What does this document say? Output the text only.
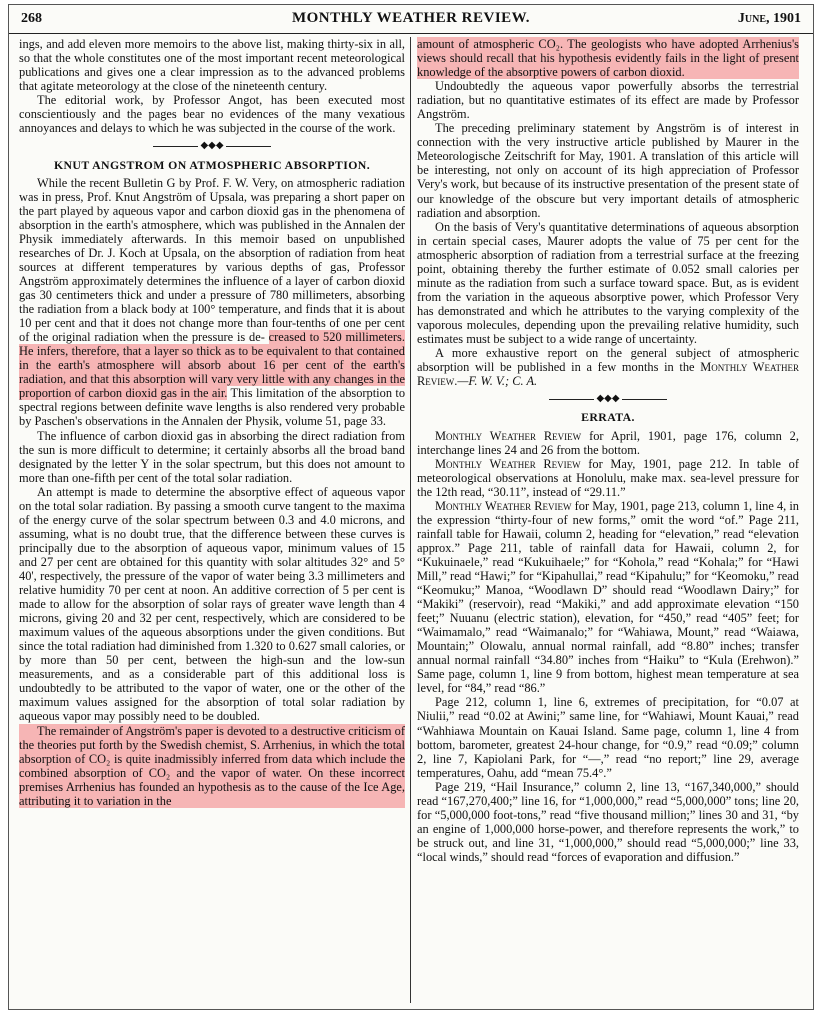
268	MONTHLY WEATHER REVIEW.	June, 1901

ings, and add eleven more memoirs to the above list, making thirty-six in all, so that the whole constitutes one of the most important recent meteorological publications and gives one a clear impression as to the advanced problems that agitate meteorology at the close of the nineteenth century.

The editorial work, by Professor Angot, has been executed most conscientiously and the pages bear no evidences of the many vexatious annoyances and delays to which he was subjected in the course of the work.

◆◆◆
KNUT ANGSTROM ON ATMOSPHERIC ABSORPTION.

While the recent Bulletin G by Prof. F. W. Very, on atmospheric radiation was in press, Prof. Knut Angström of Upsala, was preparing a short paper on the part played by aqueous vapor and carbon dioxid gas in the phenomena of absorption in the earth's atmosphere, which was published in the Annalen der Physik immediately afterwards. In this memoir based on unpublished researches of Dr. J. Koch at Upsala, on the absorption of radiation from heat sources at different temperatures by various depths of gas, Professor Angström approximately determines the influence of a layer of carbon dioxid gas 30 centimeters thick and under a pressure of 780 millimeters, absorbing the radiation from a black body at 100° temperature, and finds that it is about 10 per cent and that it does not change more than four-tenths of one per cent of the original radiation when the pressure is de- creased to 520 millimeters. He infers, therefore, that a layer so thick as to be equivalent to that contained in the earth's atmosphere will absorb about 16 per cent of the earth's radiation, and that this absorption will vary very little with any changes in the proportion of carbon dioxid gas in the air. This limitation of the absorption to spectral regions between definite wave lengths is also rendered very probable by Paschen's observations in the Annalen der Physik, volume 51, page 33.

The influence of carbon dioxid gas in absorbing the direct radiation from the sun is more difficult to determine; it certainly absorbs all the broad band designated by the letter Y in the solar spectrum, but this does not amount to more than one-fifth per cent of the total solar radiation.

An attempt is made to determine the absorptive effect of aqueous vapor on the total solar radiation. By passing a smooth curve tangent to the maxima of the energy curve of the solar spectrum between 0.3 and 4.0 microns, and assuming, what is no doubt true, that the difference between these curves is principally due to the absorption of aqueous vapor, minimum values of 15 and 27 per cent are obtained for this quantity with solar altitudes 32° and 5° 40', respectively, the pressure of the vapor of water being 3.3 millimeters and relative humidity 70 per cent at noon. An additive correction of 5 per cent is made to allow for the absorption of solar rays of greater wave length than 4 microns, giving 20 and 32 per cent, respectively, which are considered to be maximum values of the aqueous absorptions under the given conditions. But since the total radiation had diminished from 1.320 to 0.627 small calories, or by more than 50 per cent, between the high-sun and the low-sun measurements, and as a considerable part of this additional loss is undoubtedly to be attributed to the vapor of water, one or the other of the maximum values assigned for the absorption of total solar radiation by aqueous vapor may possibly need to be doubled.

The remainder of Angström's paper is devoted to a destructive criticism of the theories put forth by the Swedish chemist, S. Arrhenius, in which the total absorption of CO₂ is quite inadmissibly inferred from data which include the combined absorption of CO₂ and the vapor of water. On these incorrect premises Arrhenius has founded an hypothesis as to the cause of the Ice Age, attributing it to variation in the

amount of atmospheric CO₂. The geologists who have adopted Arrhenius's views should recall that his hypothesis evidently fails in the light of present knowledge of the absorptive powers of carbon dioxid.

Undoubtedly the aqueous vapor powerfully absorbs the terrestrial radiation, but no quantitative estimates of its effect are made by Professor Angström.

The preceding preliminary statement by Angström is of interest in connection with the very instructive article published by Maurer in the Meteorologische Zeitschrift for May, 1901. A translation of this article will be interesting, not only on account of its high appreciation of Professor Very's work, but because of its instructive presentation of the present state of our knowledge of the obscure but very important details of atmospheric radiation and absorption.

On the basis of Very's quantitative determinations of aqueous absorption in certain special cases, Maurer adopts the value of 75 per cent for the atmospheric absorption of radiation from a terrestrial surface at the freezing point, obtaining thereby the further estimate of 0.052 small calories per minute as the radiation from such a surface toward space. But, as is evident from the variation in the aqueous absorptive power, which Professor Very has demonstrated and which he attributes to the varying complexity of the vaporous molecules, depending upon the prevailing relative humidity, such estimates must be subject to a wide range of uncertainty.

A more exhaustive report on the general subject of atmospheric absorption will be published in a few months in the Monthly Weather Review.—F. W. V.; C. A.

◆◆◆
ERRATA.

Monthly Weather Review for April, 1901, page 176, column 2, interchange lines 24 and 26 from the bottom.

Monthly Weather Review for May, 1901, page 212. In table of meteorological observations at Honolulu, make max. sea-level pressure for the 12th read, “30.11”, instead of “29.11.”

Monthly Weather Review for May, 1901, page 213, column 1, line 4, in the expression “thirty-four of new forms,” omit the word “of.” Page 211, rainfall table for Hawaii, column 2, heading for “elevation,” read “elevation approx.” Page 211, table of rainfall data for Hawaii, column 2, for “Kukuinaele,” read “Kukuihaele;” for “Kohola,” read “Kohala;” for “Hawi Mill,” read “Hawi;” for “Kipahullai,” read “Kipahulu;” for “Keomoku,” read “Keomuku;” Manoa, “Woodlawn D” should read “Woodlawn Dairy;” for “Makiki” (reservoir), read “Makiki,” and add approximate elevation “150 feet;” Nuuanu (electric station), elevation, for “450,” read “405” feet; for “Waimamalo,” read “Waimanalo;” for “Wahiawa, Mount,” read “Waiawa, Mountain;” Olowalu, annual normal rainfall, add “8.80” inches; transfer annual normal rainfall “34.80” inches from “Haiku” to “Kula (Erehwon).” Same page, column 1, line 9 from bottom, highest mean temperature at sea level, for “84,” read “86.”

Page 212, column 1, line 6, extremes of precipitation, for “0.07 at Niulii,” read “0.02 at Awini;” same line, for “Wahiawi, Mount Kauai,” read “Wahhiawa Mountain on Kauai Island. Same page, column 1, line 4 from bottom, barometer, greatest 24-hour change, for “0.9,” read “0.09;” column 2, line 7, Kapiolani Park, for “—,” read “no report;” line 29, average temperatures, Oahu, add “mean 75.4°.”

Page 219, “Hail Insurance,” column 2, line 13, “167,340,000,” should read “167,270,400;” line 16, for “1,000,000,” read “5,000,000” tons; line 20, for “5,000,000 foot-tons,” read “five thousand million;” lines 30 and 31, “by an engine of 1,000,000 horse-power, and therefore represents the work,” to be struck out, and line 31, “1,000,000,” should read “5,000,000;” line 33, “local winds,” should read “forces of evaporation and diffusion.”
